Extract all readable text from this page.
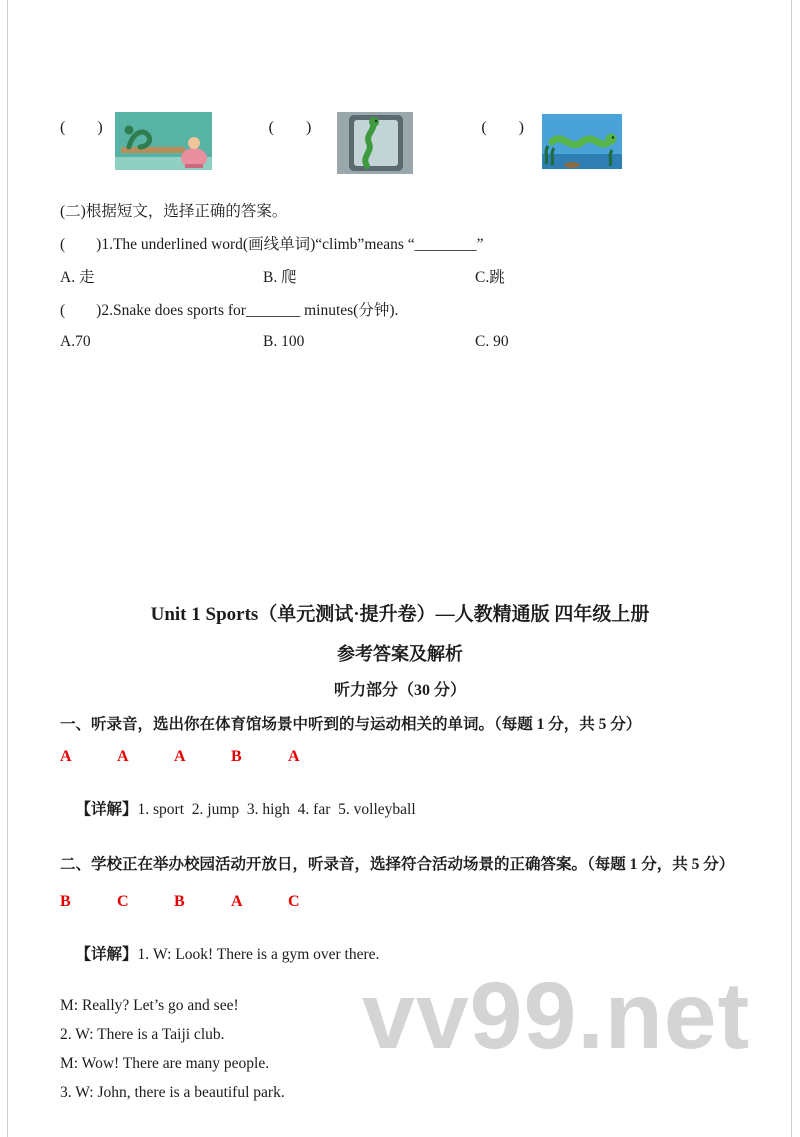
(　　)	(　　)	(　　)
(二)根据短文，选择正确的答案。
(　　)1.The underlined word(画线单词)“climb”means “________”
A. 走	B. 爬	C.跳
(　　)2.Snake does sports for_______ minutes(分钟).
A.70	B. 100	C. 90
Unit 1 Sports（单元测试·提升卷）—人教精通版 四年级上册
参考答案及解析
听力部分（30 分）
一、听录音，选出你在体育馆场景中听到的与运动相关的单词。（每题 1 分，共 5 分）
A	A	A	B	A

【详解】1. sport  2. jump  3. high  4. far  5. volleyball

二、学校正在举办校园活动开放日，听录音，选择符合活动场景的正确答案。（每题 1 分，共 5 分）
B	C	B	A	C

【详解】1. W: Look! There is a gym over there.

M: Really? Let’s go and see!
2. W: There is a Taiji club.
M: Wow! There are many people.
3. W: John, there is a beautiful park.
vv99.net
